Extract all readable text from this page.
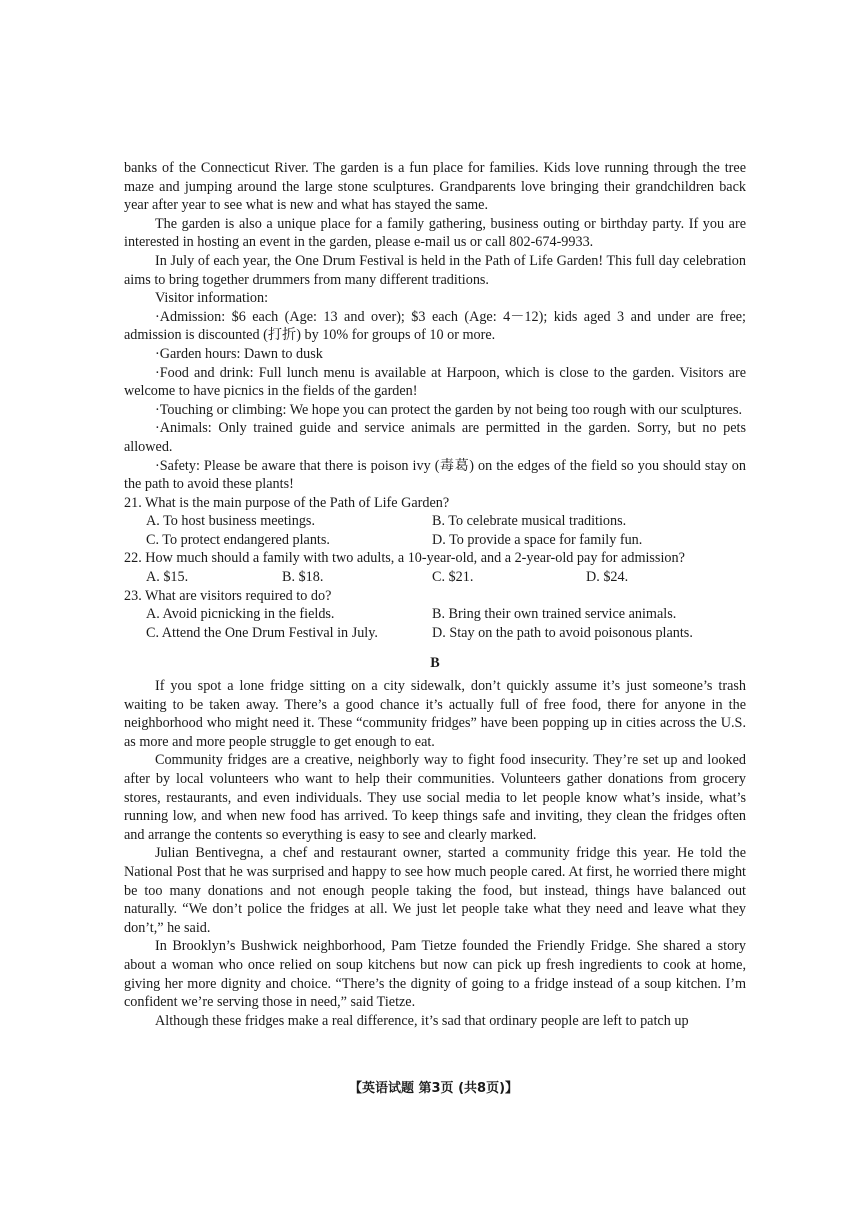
banks of the Connecticut River. The garden is a fun place for families. Kids love running through the tree maze and jumping around the large stone sculptures. Grandparents love bringing their grandchildren back year after year to see what is new and what has stayed the same.

The garden is also a unique place for a family gathering, business outing or birthday party. If you are interested in hosting an event in the garden, please e-mail us or call 802-674-9933.

In July of each year, the One Drum Festival is held in the Path of Life Garden! This full day celebration aims to bring together drummers from many different traditions.

Visitor information:

·Admission: $6 each (Age: 13 and over); $3 each (Age: 4－12); kids aged 3 and under are free; admission is discounted (打折) by 10% for groups of 10 or more.

·Garden hours: Dawn to dusk

·Food and drink: Full lunch menu is available at Harpoon, which is close to the garden. Visitors are welcome to have picnics in the fields of the garden!

·Touching or climbing: We hope you can protect the garden by not being too rough with our sculptures.

·Animals: Only trained guide and service animals are permitted in the garden. Sorry, but no pets allowed.

·Safety: Please be aware that there is poison ivy (毒葛) on the edges of the field so you should stay on the path to avoid these plants!

21. What is the main purpose of the Path of Life Garden?

A. To host business meetings.	B. To celebrate musical traditions.
C. To protect endangered plants.	D. To provide a space for family fun.

22. How much should a family with two adults, a 10-year-old, and a 2-year-old pay for admission?

A. $15.	B. $18.	C. $21.	D. $24.

23. What are visitors required to do?

A. Avoid picnicking in the fields.	B. Bring their own trained service animals.
C. Attend the One Drum Festival in July.	D. Stay on the path to avoid poisonous plants.
B

If you spot a lone fridge sitting on a city sidewalk, don’t quickly assume it’s just someone’s trash waiting to be taken away. There’s a good chance it’s actually full of free food, there for anyone in the neighborhood who might need it. These “community fridges” have been popping up in cities across the U.S. as more and more people struggle to get enough to eat.

Community fridges are a creative, neighborly way to fight food insecurity. They’re set up and looked after by local volunteers who want to help their communities. Volunteers gather donations from grocery stores, restaurants, and even individuals. They use social media to let people know what’s inside, what’s running low, and when new food has arrived. To keep things safe and inviting, they clean the fridges often and arrange the contents so everything is easy to see and clearly marked.

Julian Bentivegna, a chef and restaurant owner, started a community fridge this year. He told the National Post that he was surprised and happy to see how much people cared. At first, he worried there might be too many donations and not enough people taking the food, but instead, things have balanced out naturally. “We don’t police the fridges at all. We just let people take what they need and leave what they don’t,” he said.

In Brooklyn’s Bushwick neighborhood, Pam Tietze founded the Friendly Fridge. She shared a story about a woman who once relied on soup kitchens but now can pick up fresh ingredients to cook at home, giving her more dignity and choice. “There’s the dignity of going to a fridge instead of a soup kitchen. I’m confident we’re serving those in need,” said Tietze.

Although these fridges make a real difference, it’s sad that ordinary people are left to patch up

【英语试题 第3页 (共8页)】
